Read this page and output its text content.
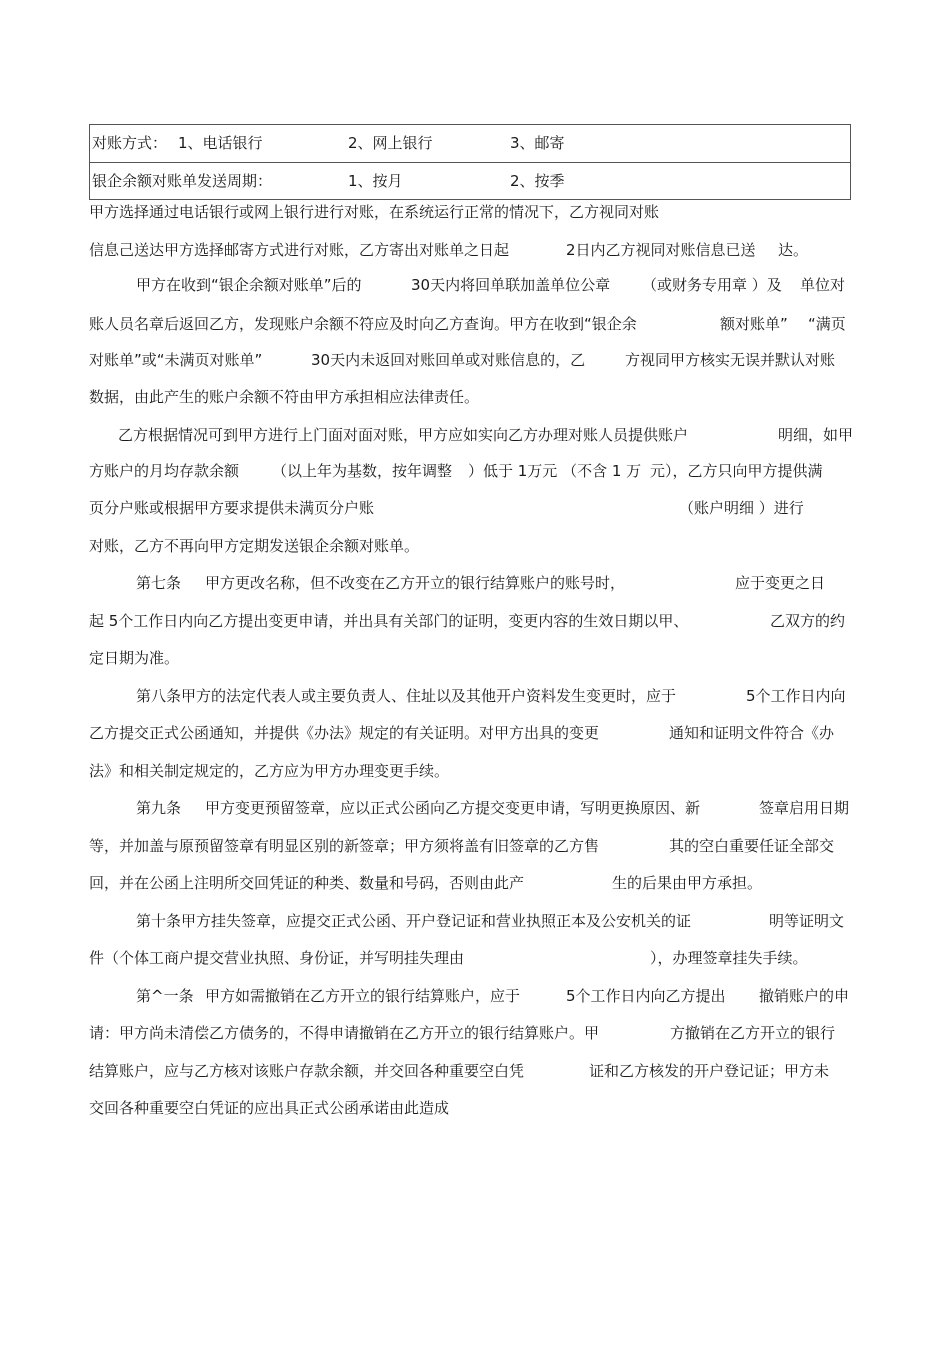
对账方式： 1、电话银行	2、网上银行	3、邮寄
银企余额对账单发送周期：	1、按月	2、按季
甲方选择通过电话银行或网上银行进行对账，在系统运行正常的情况下，乙方视同对账
信息己送达甲方选择邮寄方式进行对账，乙方寄出对账单之日起	2日内乙方视同对账信息已送 达。
甲方在收到“银企余额对账单”后的	30天内将回单联加盖单位公章 （或财务专用章 ）及 单位对
账人员名章后返回乙方，发现账户余额不符应及时向乙方查询。甲方在收到“银企余	额对账单” “满页
对账单”或“未满页对账单”	30天内未返回对账回单或对账信息的，乙	方视同甲方核实无误并默认对账
数据，由此产生的账户余额不符由甲方承担相应法律责任。
乙方根据情况可到甲方进行上门面对面对账，甲方应如实向乙方办理对账人员提供账户	明细，如甲
方账户的月均存款余额 （以上年为基数，按年调整 ）低于 1万元 （不含 1 万 元），乙方只向甲方提供满
页分户账或根据甲方要求提供未满页分户账	（账户明细 ）进行
对账，乙方不再向甲方定期发送银企余额对账单。
第七条 甲方更改名称，但不改变在乙方开立的银行结算账户的账号时，	应于变更之日
起 5个工作日内向乙方提出变更申请，并出具有关部门的证明，变更内容的生效日期以甲、	乙双方的约
定日期为准。
第八条甲方的法定代表人或主要负责人、住址以及其他开户资料发生变更时，应于	5个工作日内向
乙方提交正式公函通知，并提供《办法》规定的有关证明。对甲方出具的变更	通知和证明文件符合《办
法》和相关制定规定的，乙方应为甲方办理变更手续。
第九条 甲方变更预留签章，应以正式公函向乙方提交变更申请，写明更换原因、新	签章启用日期
等，并加盖与原预留签章有明显区别的新签章；甲方须将盖有旧签章的乙方售	其的空白重要任证全部交
回，并在公函上注明所交回凭证的种类、数量和号码，否则由此产	生的后果由甲方承担。
第十条甲方挂失签章，应提交正式公函、开户登记证和营业执照正本及公安机关的证	明等证明文
件（个体工商户提交营业执照、身份证，并写明挂失理由	），办理签章挂失手续。
第^一条 甲方如需撤销在乙方开立的银行结算账户，应于	5个工作日内向乙方提出 撤销账户的申
请：甲方尚未清偿乙方债务的，不得申请撤销在乙方开立的银行结算账户。甲	方撤销在乙方开立的银行
结算账户，应与乙方核对该账户存款余额，并交回各种重要空白凭	证和乙方核发的开户登记证；甲方未
交回各种重要空白凭证的应出具正式公函承诺由此造成
